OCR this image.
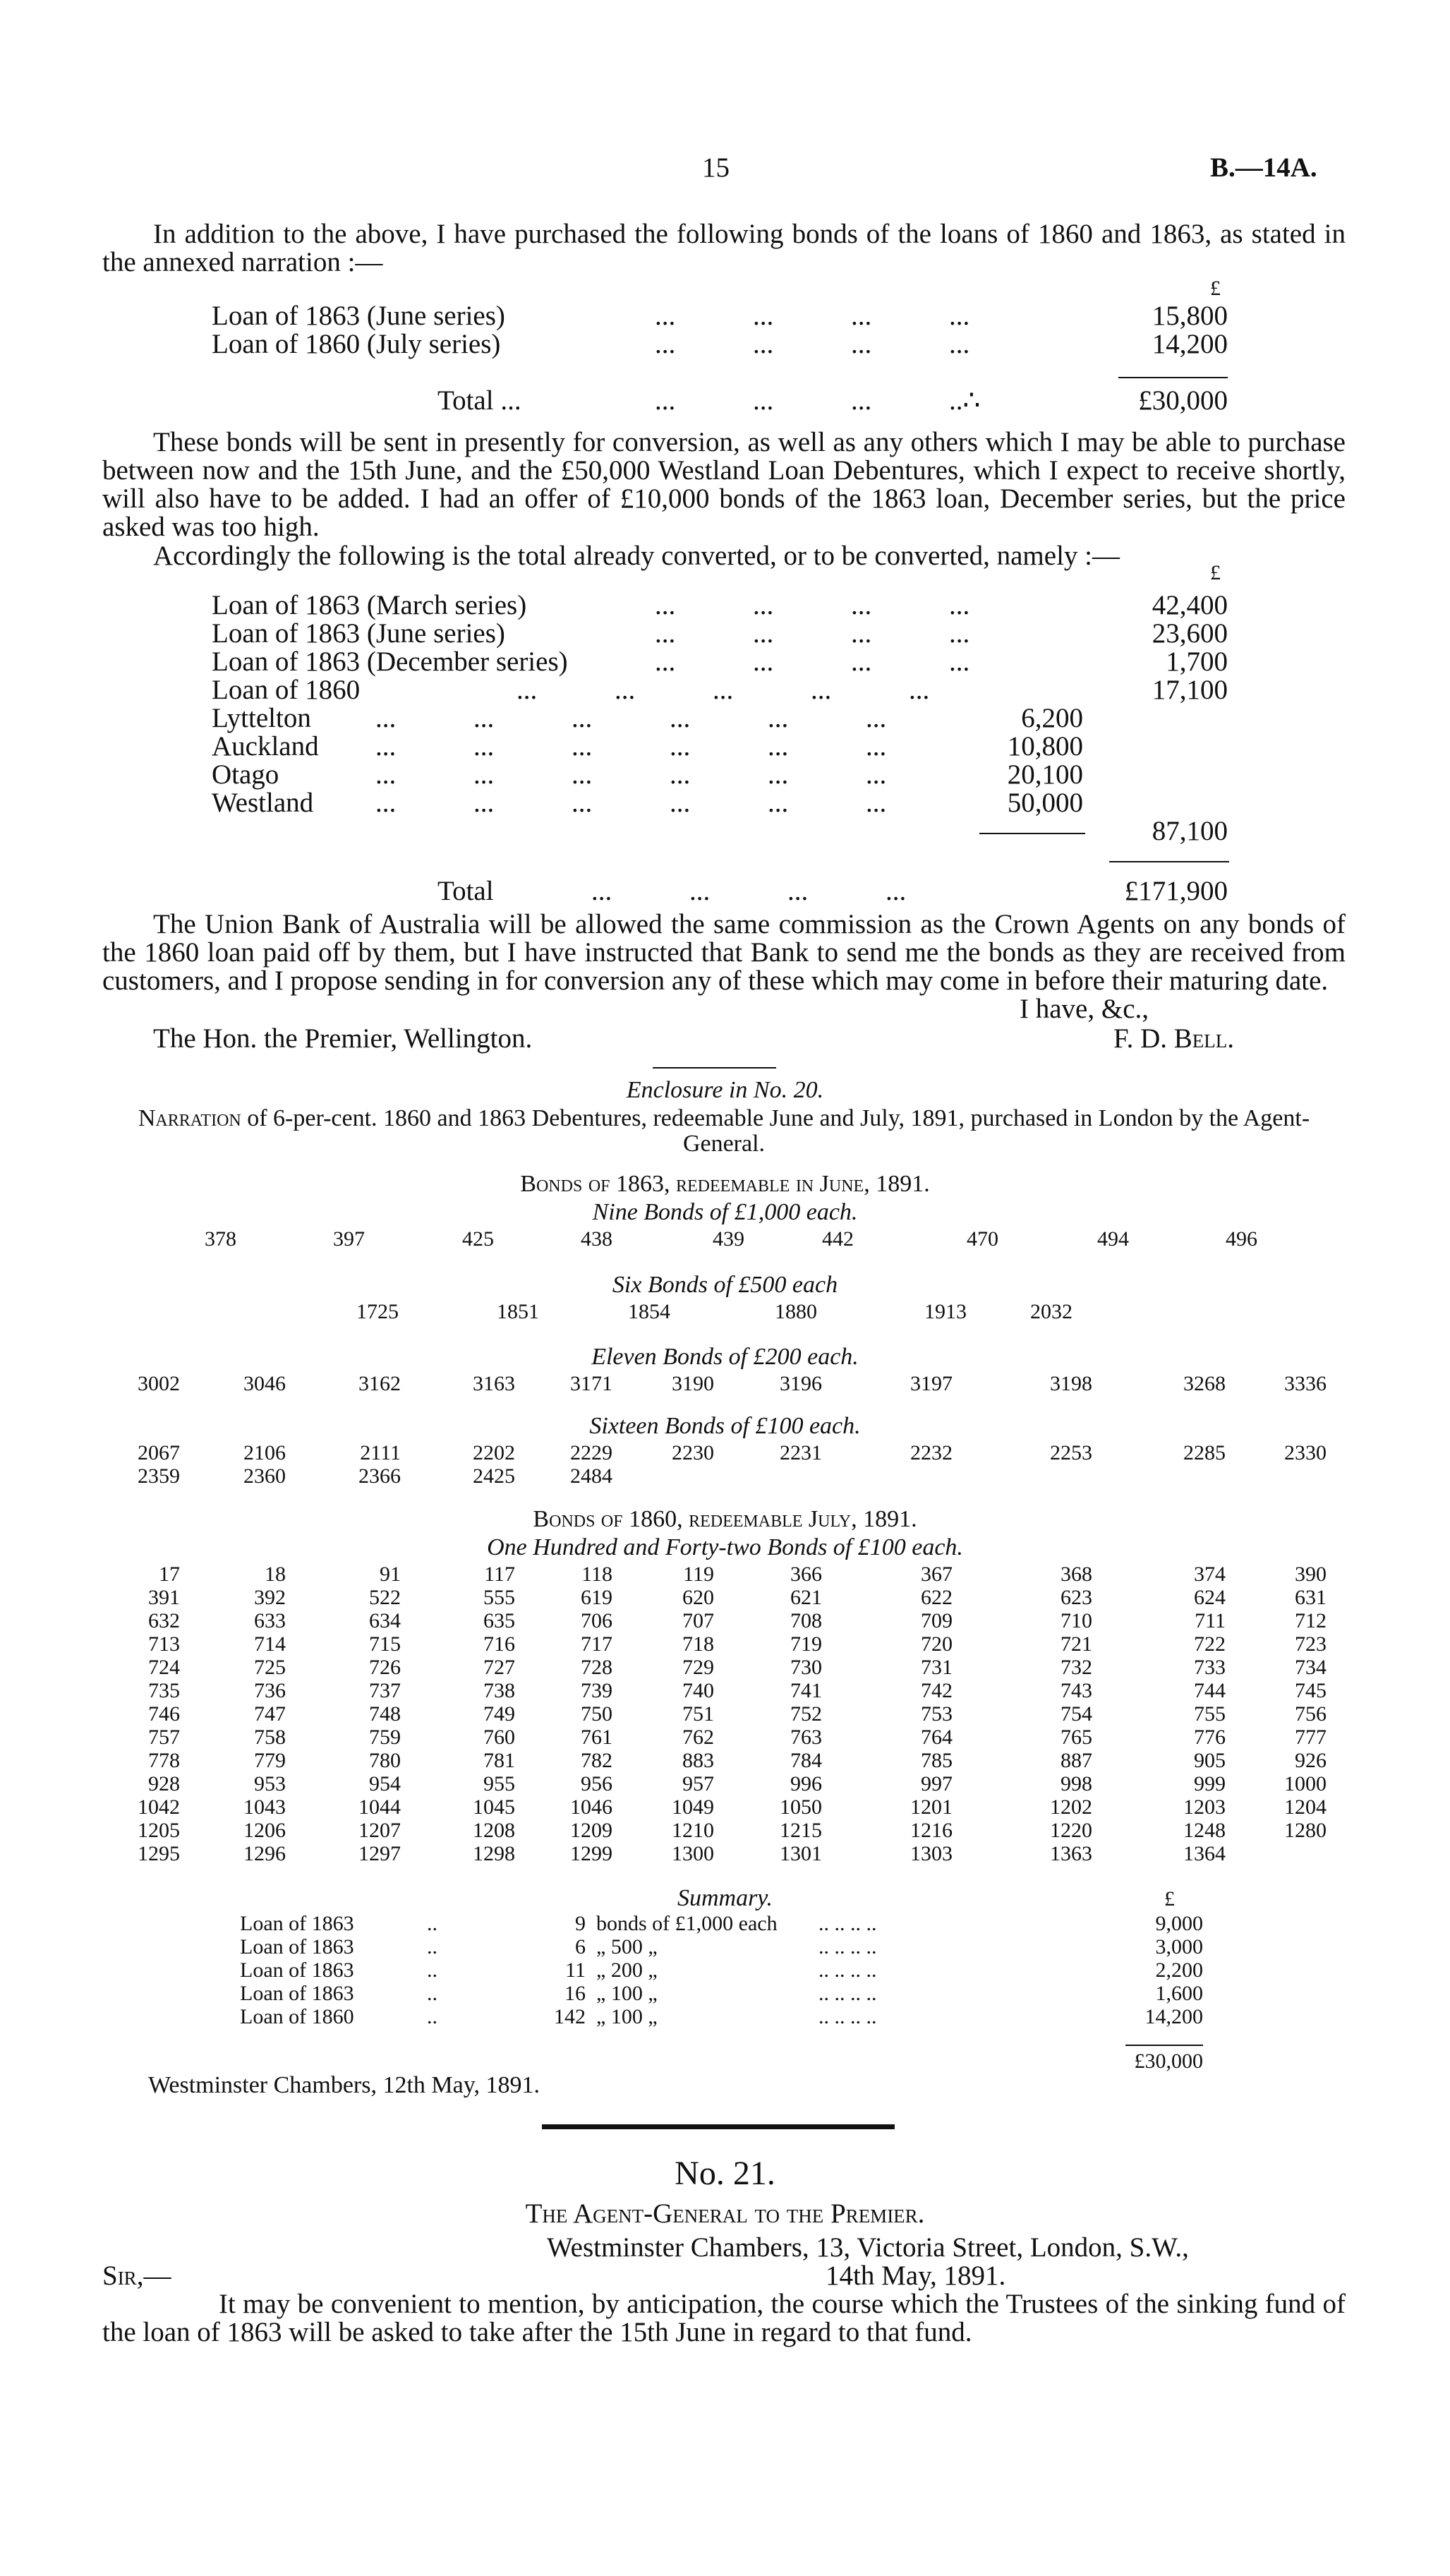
15	B.—14A.
In addition to the above, I have purchased the following bonds of the loans of 1860 and 1863, as stated in the annexed narration :—
£
Loan of 1863 (June series)	... ... ... ...	15,800
Loan of 1860 (July series)	... ... ... ...	14,200
Total ...	... ... ... ..∴	£30,000
These bonds will be sent in presently for conversion, as well as any others which I may be able to purchase between now and the 15th June, and the £50,000 Westland Loan Debentures, which I expect to receive shortly, will also have to be added. I had an offer of £10,000 bonds of the 1863 loan, December series, but the price asked was too high.
Accordingly the following is the total already converted, or to be converted, namely :—
£
Loan of 1863 (March series)	... ... ... ...	42,400
Loan of 1863 (June series)	... ... ... ...	23,600
Loan of 1863 (December series)	... ... ... ...	1,700
Loan of 1860	... ... ... ... ...	17,100
Lyttelton ... ... ... ... ... ...	6,200
Auckland ... ... ... ... ... ...	10,800
Otago	... ... ... ... ... ...	20,100
Westland ... ... ... ... ... ...	50,000
87,100
Total	... ... ... ...	£171,900
The Union Bank of Australia will be allowed the same commission as the Crown Agents on any bonds of the 1860 loan paid off by them, but I have instructed that Bank to send me the bonds as they are received from customers, and I propose sending in for conversion any of these which may come in before their maturing date.
I have, &c.,
The Hon. the Premier, Wellington.	F. D. Bell.
Enclosure in No. 20.
Narration of 6-per-cent. 1860 and 1863 Debentures, redeemable June and July, 1891, purchased in London by the Agent-General.
Bonds of 1863, redeemable in June, 1891.
Nine Bonds of £1,000 each.
378	397	425	438	439	442	470	494	496
Six Bonds of £500 each
1725	1851	1854	1880	1913	2032
Eleven Bonds of £200 each.
3002	3046	3162	3163	3171	3190	3196	3197	3198	3268	3336
Sixteen Bonds of £100 each.
2067	2106	2111	2202	2229	2230	2231	2232	2253	2285	2330
2359	2360	2366	2425	2484
Bonds of 1860, redeemable July, 1891.
One Hundred and Forty-two Bonds of £100 each.
17	18	91	117	118	119	366	367	368	374	390
391	392	522	555	619	620	621	622	623	624	631
632	633	634	635	706	707	708	709	710	711	712
713	714	715	716	717	718	719	720	721	722	723
724	725	726	727	728	729	730	731	732	733	734
735	736	737	738	739	740	741	742	743	744	745
746	747	748	749	750	751	752	753	754	755	756
757	758	759	760	761	762	763	764	765	776	777
778	779	780	781	782	883	784	785	887	905	926
928	953	954	955	956	957	996	997	998	999	1000
1042	1043	1044	1045	1046	1049	1050	1201	1202	1203	1204
1205	1206	1207	1208	1209	1210	1215	1216	1220	1248	1280
1295	1296	1297	1298	1299	1300	1301	1303	1363	1364
Summary.	£
Loan of 1863	..	9 bonds of £1,000 each .. .. .. ..	9,000
Loan of 1863	..	6 „ 500 „	.. .. .. ..	3,000
Loan of 1863	..	11 „ 200 „	.. .. .. ..	2,200
Loan of 1863	..	16 „ 100 „	.. .. .. ..	1,600
Loan of 1860	..	142 „ 100 „	.. .. .. ..	14,200
£30,000
Westminster Chambers, 12th May, 1891.
No. 21.
The Agent-General to the Premier.
Westminster Chambers, 13, Victoria Street, London, S.W.,
Sir,—	14th May, 1891.
It may be convenient to mention, by anticipation, the course which the Trustees of the sinking fund of the loan of 1863 will be asked to take after the 15th June in regard to that fund.
